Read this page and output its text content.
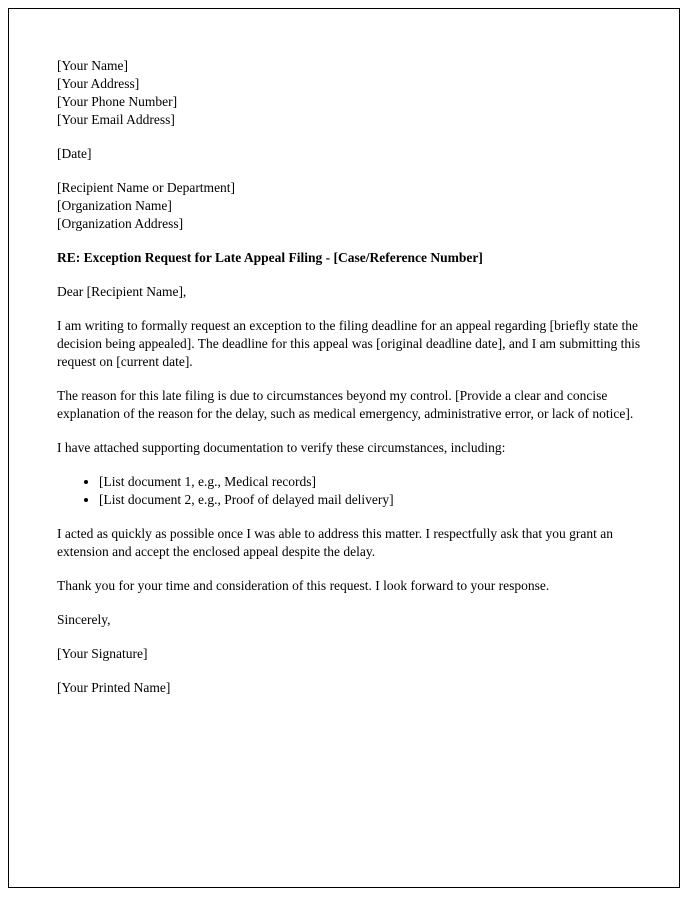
[Your Name]
[Your Address]
[Your Phone Number]
[Your Email Address]
[Date]
[Recipient Name or Department]
[Organization Name]
[Organization Address]
RE: Exception Request for Late Appeal Filing - [Case/Reference Number]

Dear [Recipient Name],

I am writing to formally request an exception to the filing deadline for an appeal regarding [briefly state the decision being appealed]. The deadline for this appeal was [original deadline date], and I am submitting this request on [current date].

The reason for this late filing is due to circumstances beyond my control. [Provide a clear and concise explanation of the reason for the delay, such as medical emergency, administrative error, or lack of notice].

I have attached supporting documentation to verify these circumstances, including:

• [List document 1, e.g., Medical records]
• [List document 2, e.g., Proof of delayed mail delivery]

I acted as quickly as possible once I was able to address this matter. I respectfully ask that you grant an extension and accept the enclosed appeal despite the delay.

Thank you for your time and consideration of this request. I look forward to your response.

Sincerely,

[Your Signature]

[Your Printed Name]
